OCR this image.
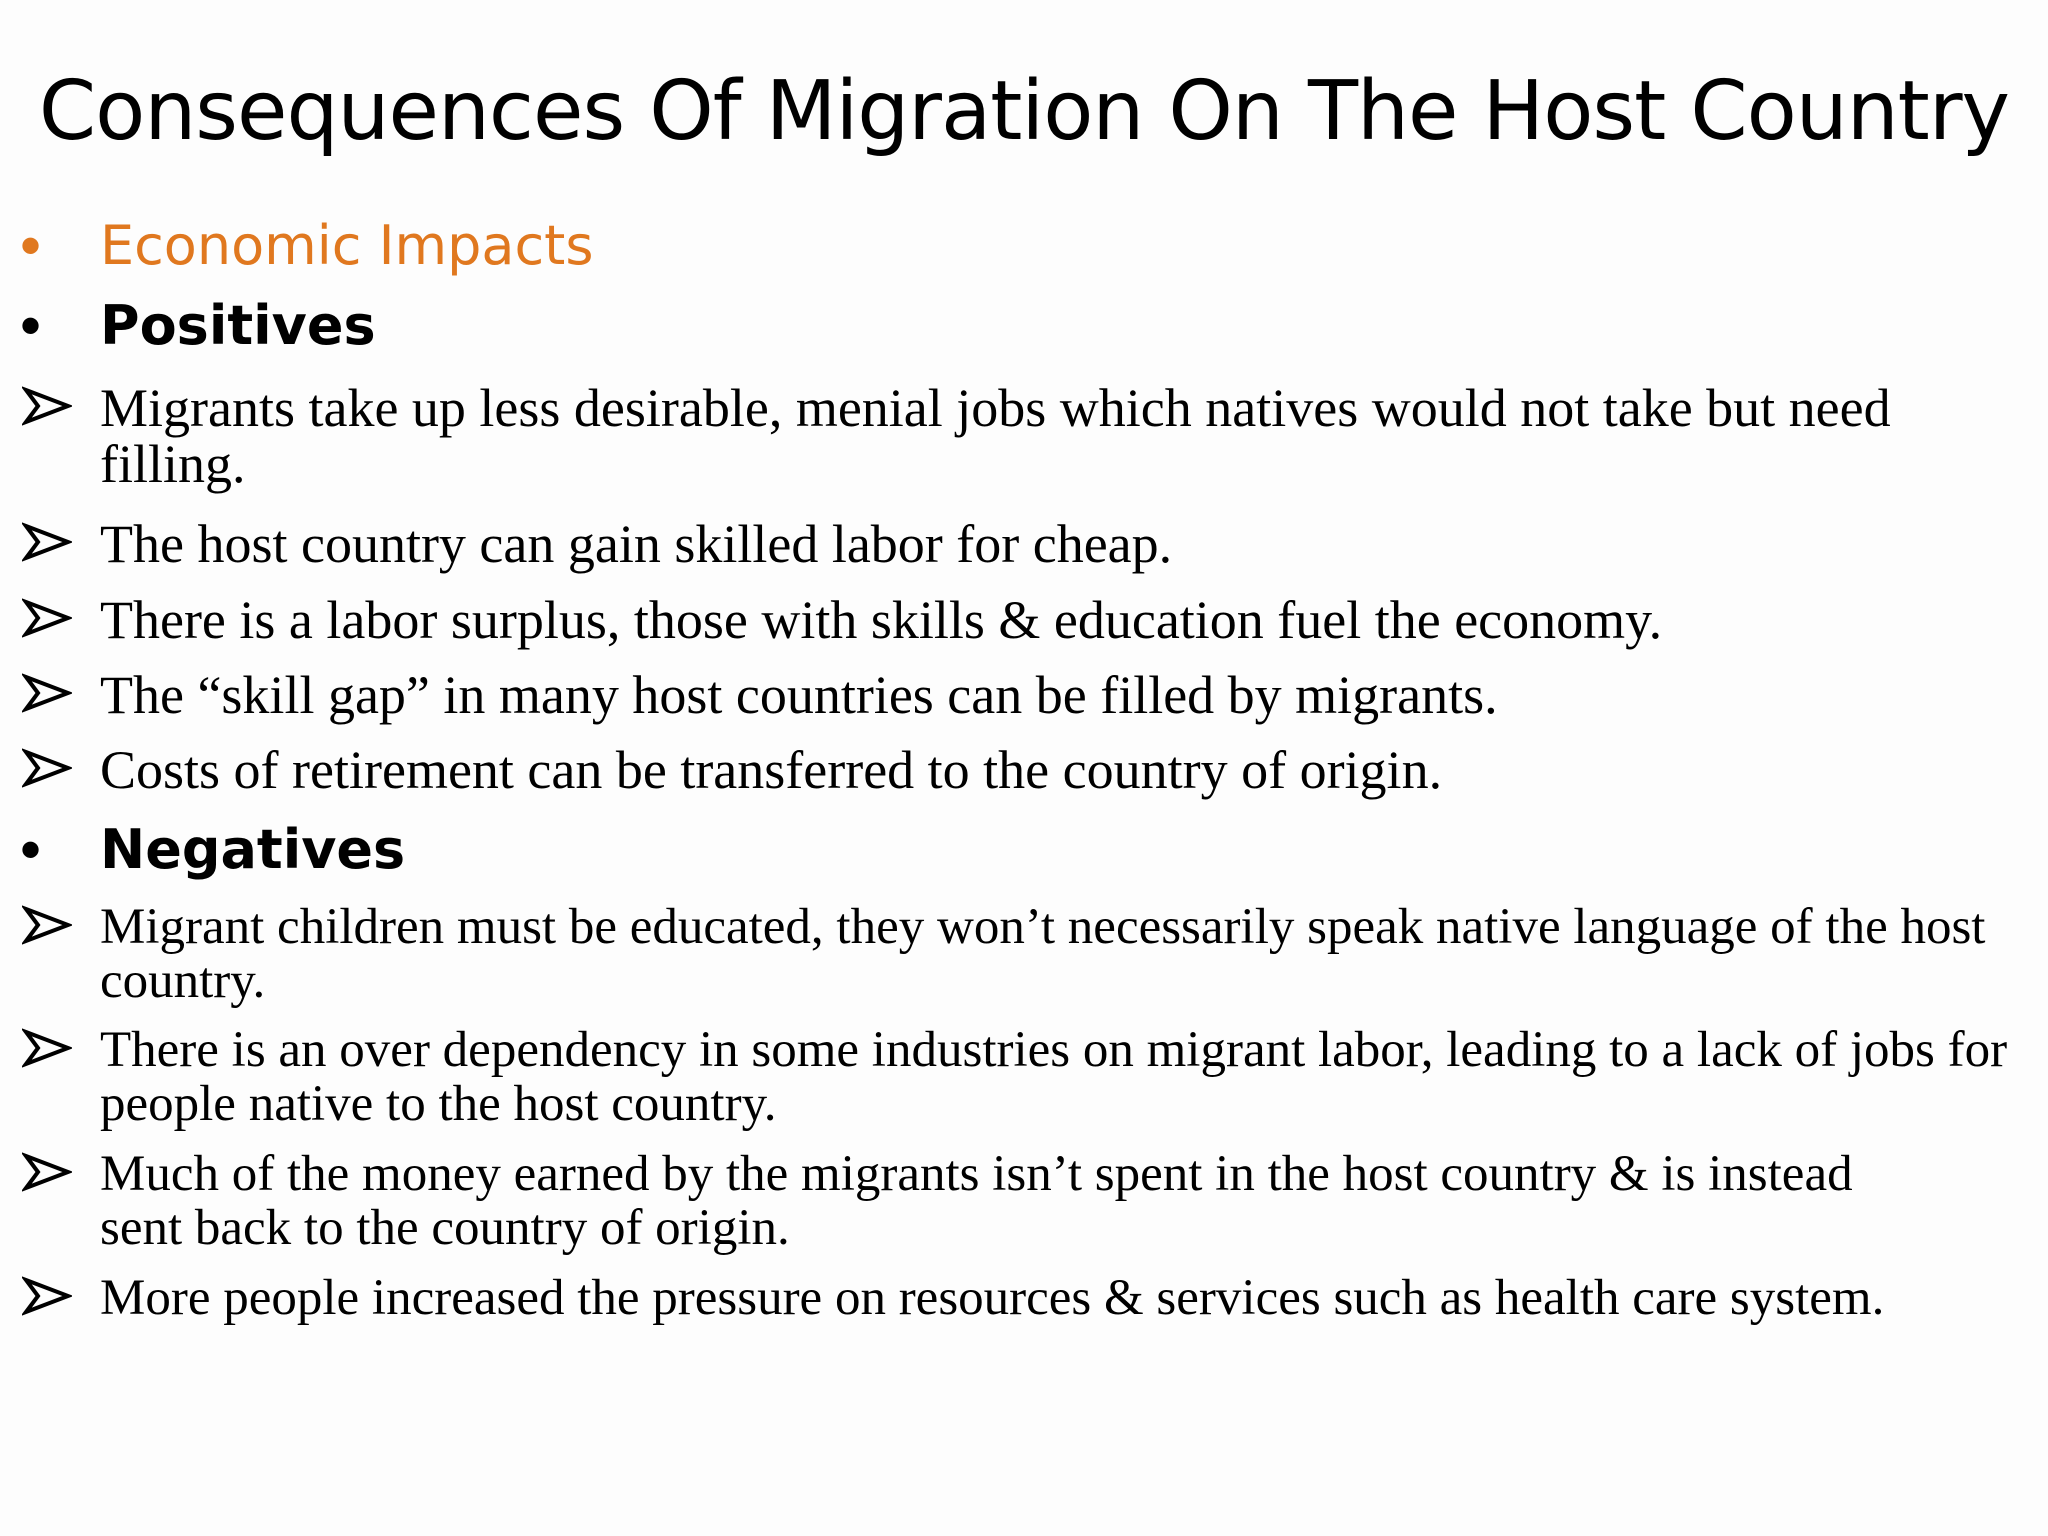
Consequences Of Migration On The Host Country
•	Economic Impacts
•	Positives
Migrants take up less desirable, menial jobs which natives would not take but need filling.
The host country can gain skilled labor for cheap.
There is a labor surplus, those with skills & education fuel the economy.
The “skill gap” in many host countries can be filled by migrants.
Costs of retirement can be transferred to the country of origin.
•	Negatives
Migrant children must be educated, they won’t necessarily speak native language of the host country.
There is an over dependency in some industries on migrant labor, leading to a lack of jobs for people native to the host country.
Much of the money earned by the migrants isn’t spent in the host country & is instead sent back to the country of origin.
More people increased the pressure on resources & services such as health care system.
